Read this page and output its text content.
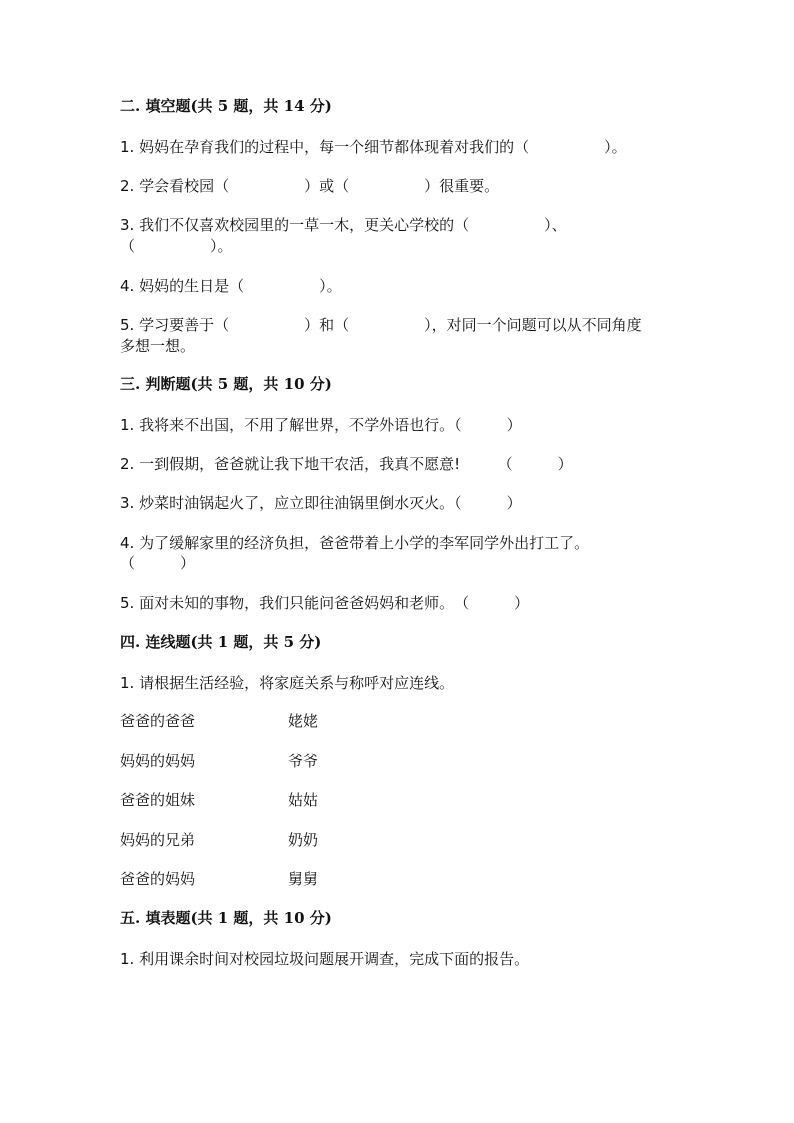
二. 填空题(共 5 题，共 14 分)
1. 妈妈在孕育我们的过程中，每一个细节都体现着对我们的（　　　　　）。
2. 学会看校园（　　　　　）或（　　　　　）很重要。
3. 我们不仅喜欢校园里的一草一木，更关心学校的（　　　　　）、
（　　　　　）。
4. 妈妈的生日是（　　　　　）。
5. 学习要善于（　　　　　）和（　　　　　），对同一个问题可以从不同角度
多想一想。
三. 判断题(共 5 题，共 10 分)
1. 我将来不出国，不用了解世界，不学外语也行。（　　　）
2. 一到假期，爸爸就让我下地干农活，我真不愿意!　　　（　　　）
3. 炒菜时油锅起火了，应立即往油锅里倒水灭火。（　　　）
4. 为了缓解家里的经济负担，爸爸带着上小学的李军同学外出打工了。
（　　　）
5. 面对未知的事物，我们只能问爸爸妈妈和老师。　（　　　）
四. 连线题(共 1 题，共 5 分)
1. 请根据生活经验，将家庭关系与称呼对应连线。
爸爸的爸爸	姥姥
妈妈的妈妈	爷爷
爸爸的姐妹	姑姑
妈妈的兄弟	奶奶
爸爸的妈妈	舅舅
五. 填表题(共 1 题，共 10 分)
1. 利用课余时间对校园垃圾问题展开调查，完成下面的报告。
